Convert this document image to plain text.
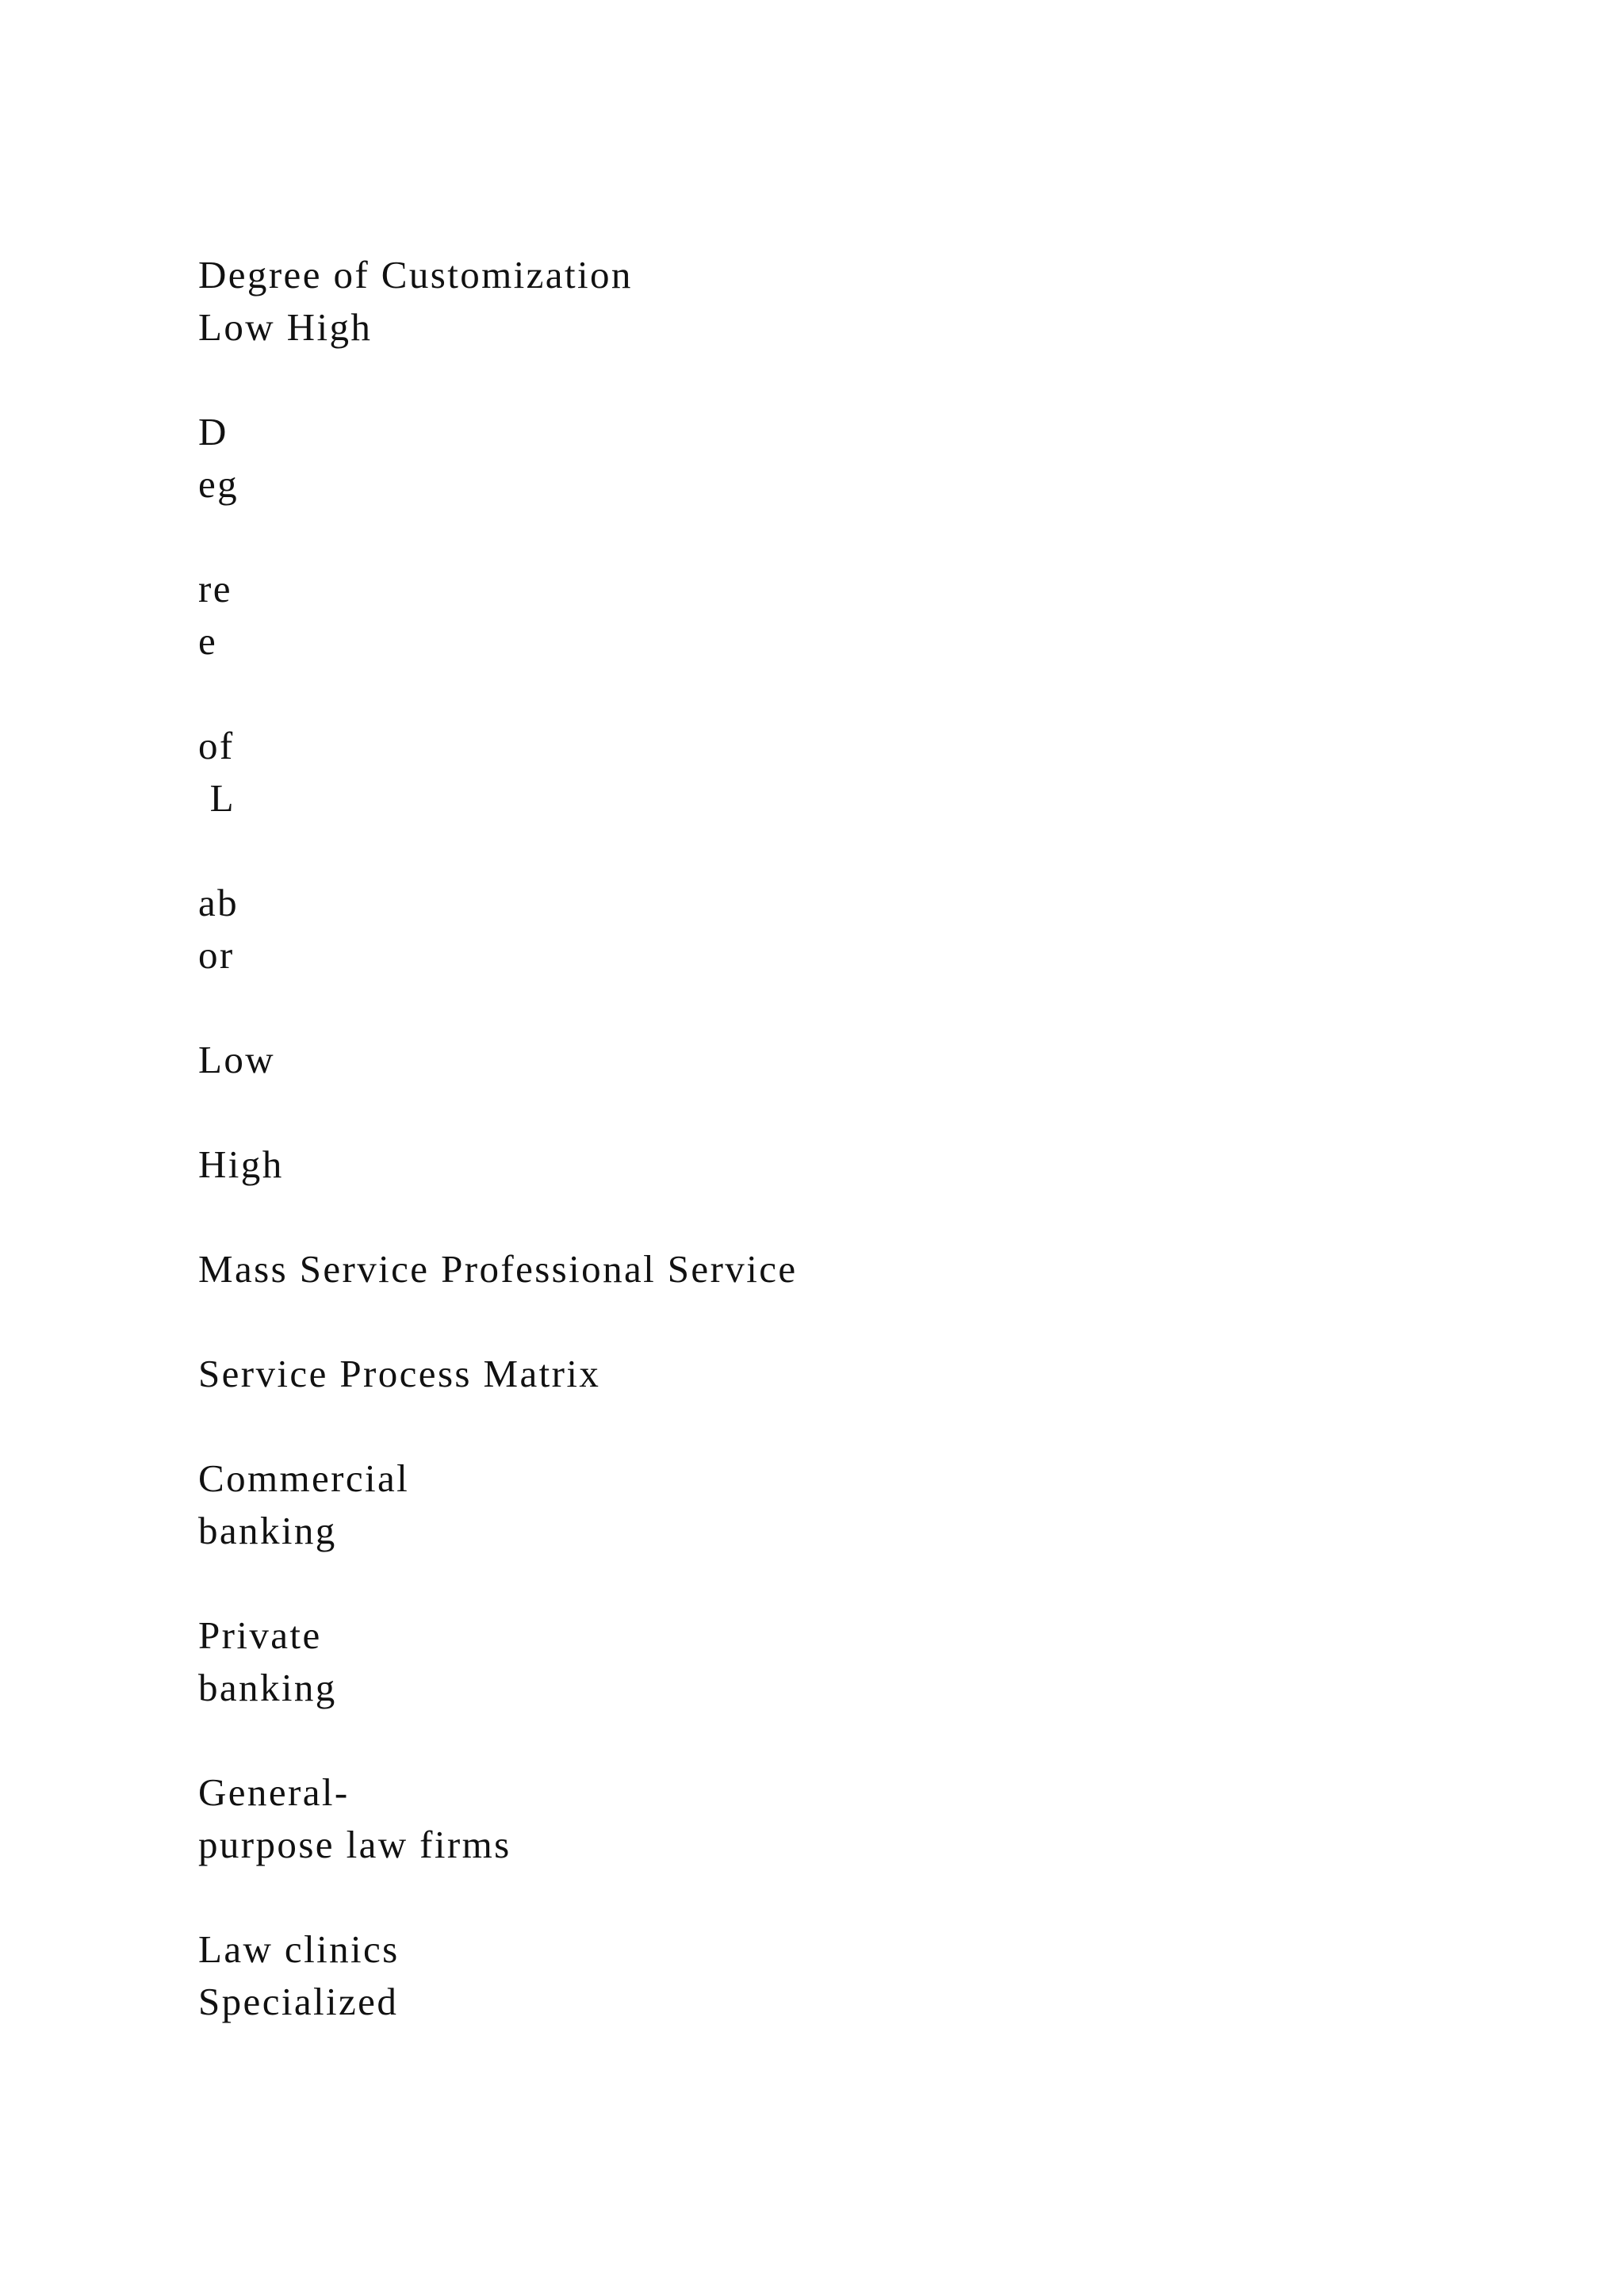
Degree of Customization
Low High
D
eg
re
e
of
L
ab
or
Low
High
Mass Service Professional Service
Service Process Matrix
Commercial
banking
Private
banking
General-
purpose law firms
Law clinics
Specialized
